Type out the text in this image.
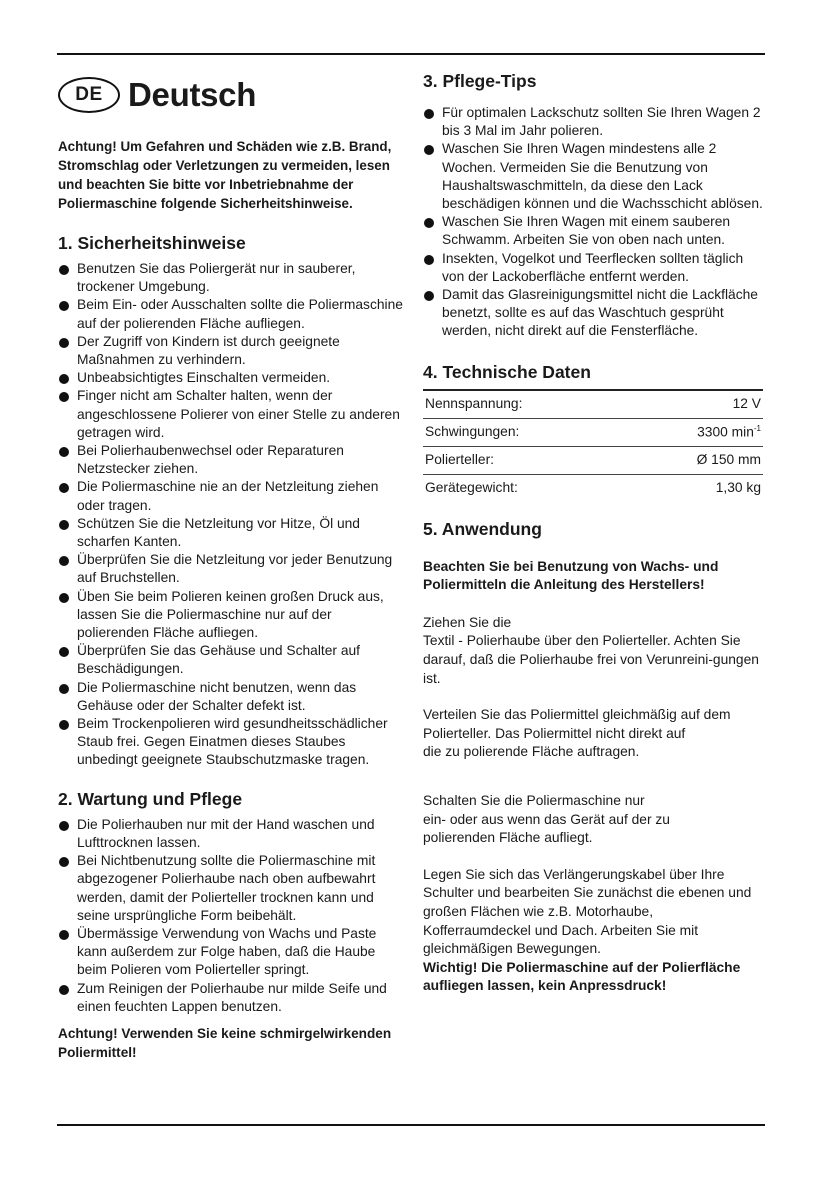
DE Deutsch

Achtung! Um Gefahren und Schäden wie z.B. Brand, Stromschlag oder Verletzungen zu vermeiden, lesen und beachten Sie bitte vor Inbetriebnahme der Poliermaschine folgende Sicherheitshinweise.

1. Sicherheitshinweise
Benutzen Sie das Poliergerät nur in sauberer, trockener Umgebung.
Beim Ein- oder Ausschalten sollte die Poliermaschine auf der polierenden Fläche aufliegen.
Der Zugriff von Kindern ist durch geeignete Maßnahmen zu verhindern.
Unbeabsichtigtes Einschalten vermeiden.
Finger nicht am Schalter halten, wenn der angeschlossene Polierer von einer Stelle zu anderen getragen wird.
Bei Polierhaubenwechsel oder Reparaturen Netzstecker ziehen.
Die Poliermaschine nie an der Netzleitung ziehen oder tragen.
Schützen Sie die Netzleitung vor Hitze, Öl und scharfen Kanten.
Überprüfen Sie die Netzleitung vor jeder Benutzung auf Bruchstellen.
Üben Sie beim Polieren keinen großen Druck aus, lassen Sie die Poliermaschine nur auf der polierenden Fläche aufliegen.
Überprüfen Sie das Gehäuse und Schalter auf Beschädigungen.
Die Poliermaschine nicht benutzen, wenn das Gehäuse oder der Schalter defekt ist.
Beim Trockenpolieren wird gesundheitsschädlicher Staub frei. Gegen Einatmen dieses Staubes unbedingt geeignete Staubschutzmaske tragen.
2. Wartung und Pflege
Die Polierhauben nur mit der Hand waschen und Lufttrocknen lassen.
Bei Nichtbenutzung sollte die Poliermaschine mit abgezogener Polierhaube nach oben aufbewahrt werden, damit der Polierteller trocknen kann und seine ursprüngliche Form beibehält.
Übermässige Verwendung von Wachs und Paste kann außerdem zur Folge haben, daß die Haube beim Polieren vom Polierteller springt.
Zum Reinigen der Polierhaube nur milde Seife und einen feuchten Lappen benutzen.

Achtung! Verwenden Sie keine schmirgelwirkenden Poliermittel!

3. Pflege-Tips
Für optimalen Lackschutz sollten Sie Ihren Wagen 2 bis 3 Mal im Jahr polieren.
Waschen Sie Ihren Wagen mindestens alle 2 Wochen. Vermeiden Sie die Benutzung von Haushaltswaschmitteln, da diese den Lack beschädigen können und die Wachsschicht ablösen.
Waschen Sie Ihren Wagen mit einem sauberen Schwamm. Arbeiten Sie von oben nach unten.
Insekten, Vogelkot und Teerflecken sollten täglich von der Lackoberfläche entfernt werden.
Damit das Glasreinigungsmittel nicht die Lackfläche benetzt, sollte es auf das Waschtuch gesprüht werden, nicht direkt auf die Fensterfläche.
4. Technische Daten
Nennspannung:	12 V
Schwingungen:	3300 $\min^{-1}$
Polierteller:	Ø 150 mm
Gerätegewicht:	1,30 kg
5. Anwendung

Beachten Sie bei Benutzung von Wachs- und Poliermitteln die Anleitung des Herstellers!

Ziehen Sie die

Textil - Polierhaube über den Polierteller. Achten Sie darauf, daß die Polierhaube frei von Verunreini-gungen ist.

Verteilen Sie das Poliermittel gleichmäßig auf dem

Polierteller. Das Poliermittel nicht direkt auf

die zu polierende Fläche auftragen.

Schalten Sie die Poliermaschine nur

ein- oder aus wenn das Gerät auf der zu

polierenden Fläche aufliegt.

Legen Sie sich das Verlängerungskabel über Ihre Schulter und bearbeiten Sie zunächst die ebenen und großen Flächen wie z.B. Motorhaube, Kofferraumdeckel und Dach. Arbeiten Sie mit gleichmäßigen Bewegungen.

Wichtig! Die Poliermaschine auf der Polierfläche aufliegen lassen, kein Anpressdruck!
